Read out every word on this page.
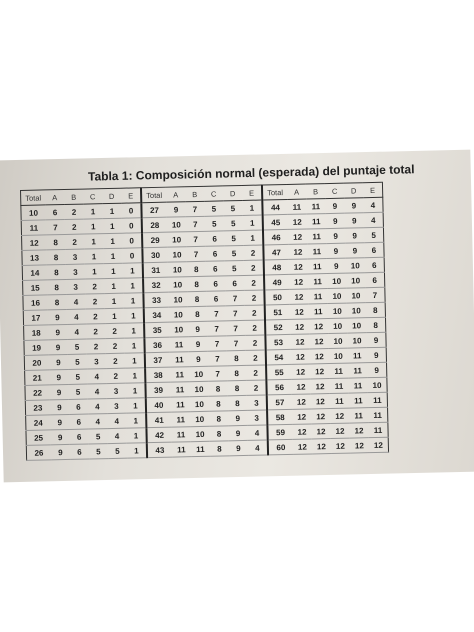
Tabla 1: Composición normal (esperada) del puntaje total
Total	A	B	C	D	E	Total	A	B	C	D	E	Total	A	B	C	D	E
10	6	2	1	1	0	27	9	7	5	5	1	44	11	11	9	9	4
11	7	2	1	1	0	28	10	7	5	5	1	45	12	11	9	9	4
12	8	2	1	1	0	29	10	7	6	5	1	46	12	11	9	9	5
13	8	3	1	1	0	30	10	7	6	5	2	47	12	11	9	9	6
14	8	3	1	1	1	31	10	8	6	5	2	48	12	11	9	10	6
15	8	3	2	1	1	32	10	8	6	6	2	49	12	11	10	10	6
16	8	4	2	1	1	33	10	8	6	7	2	50	12	11	10	10	7
17	9	4	2	1	1	34	10	8	7	7	2	51	12	11	10	10	8
18	9	4	2	2	1	35	10	9	7	7	2	52	12	12	10	10	8
19	9	5	2	2	1	36	11	9	7	7	2	53	12	12	10	10	9
20	9	5	3	2	1	37	11	9	7	8	2	54	12	12	10	11	9
21	9	5	4	2	1	38	11	10	7	8	2	55	12	12	11	11	9
22	9	5	4	3	1	39	11	10	8	8	2	56	12	12	11	11	10
23	9	6	4	3	1	40	11	10	8	8	3	57	12	12	11	11	11
24	9	6	4	4	1	41	11	10	8	9	3	58	12	12	12	11	11
25	9	6	5	4	1	42	11	10	8	9	4	59	12	12	12	12	11
26	9	6	5	5	1	43	11	11	8	9	4	60	12	12	12	12	12
